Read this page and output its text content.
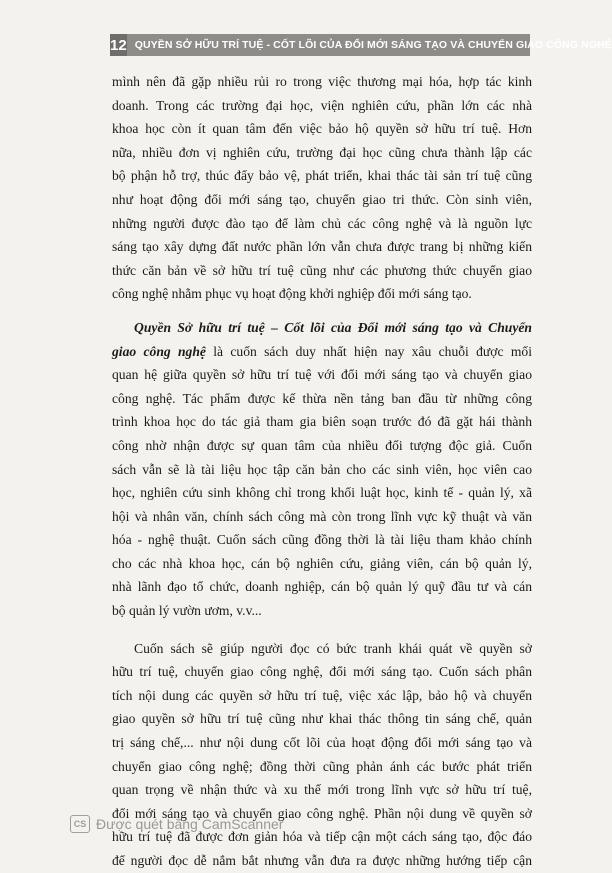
12 QUYỀN SỞ HỮU TRÍ TUỆ - CỐT LÕI CỦA ĐỔI MỚI SÁNG TẠO VÀ CHUYỂN GIAO CÔNG NGHỆ
mình nên đã gặp nhiều rủi ro trong việc thương mại hóa, hợp tác kinh
doanh. Trong các trường đại học, viện nghiên cứu, phần lớn các nhà
khoa học còn ít quan tâm đến việc bảo hộ quyền sở hữu trí tuệ. Hơn
nữa, nhiều đơn vị nghiên cứu, trường đại học cũng chưa thành lập các
bộ phận hỗ trợ, thúc đẩy bảo vệ, phát triển, khai thác tài sản trí tuệ cũng
như hoạt động đổi mới sáng tạo, chuyển giao tri thức. Còn sinh viên,
những người được đào tạo để làm chủ các công nghệ và là nguồn lực
sáng tạo xây dựng đất nước phần lớn vẫn chưa được trang bị những kiến
thức căn bản về sở hữu trí tuệ cũng như các phương thức chuyển giao
công nghệ nhằm phục vụ hoạt động khởi nghiệp đổi mới sáng tạo.
Quyền Sở hữu trí tuệ – Cốt lõi của Đổi mới sáng tạo và Chuyển
giao công nghệ là cuốn sách duy nhất hiện nay xâu chuỗi được mối
quan hệ giữa quyền sở hữu trí tuệ với đổi mới sáng tạo và chuyển giao
công nghệ. Tác phẩm được kế thừa nền tảng ban đầu từ những công
trình khoa học do tác giả tham gia biên soạn trước đó đã gặt hái thành
công nhờ nhận được sự quan tâm của nhiều đối tượng độc giả. Cuốn
sách vẫn sẽ là tài liệu học tập căn bản cho các sinh viên, học viên cao
học, nghiên cứu sinh không chỉ trong khối luật học, kinh tế - quản lý, xã
hội và nhân văn, chính sách công mà còn trong lĩnh vực kỹ thuật và văn
hóa - nghệ thuật. Cuốn sách cũng đồng thời là tài liệu tham khảo chính
cho các nhà khoa học, cán bộ nghiên cứu, giảng viên, cán bộ quản lý,
nhà lãnh đạo tổ chức, doanh nghiệp, cán bộ quản lý quỹ đầu tư và cán
bộ quản lý vườn ươm, v.v...
Cuốn sách sẽ giúp người đọc có bức tranh khái quát về quyền sở
hữu trí tuệ, chuyển giao công nghệ, đổi mới sáng tạo. Cuốn sách phân
tích nội dung các quyền sở hữu trí tuệ, việc xác lập, bảo hộ và chuyển
giao quyền sở hữu trí tuệ cũng như khai thác thông tin sáng chế, quản
trị sáng chế,... như nội dung cốt lõi của hoạt động đổi mới sáng tạo và
chuyển giao công nghệ; đồng thời cũng phản ánh các bước phát triển
quan trọng về nhận thức và xu thế mới trong lĩnh vực sở hữu trí tuệ,
đổi mới sáng tạo và chuyển giao công nghệ. Phần nội dung về quyền sở
hữu trí tuệ đã được đơn giản hóa và tiếp cận một cách sáng tạo, độc đáo
để người đọc dễ nắm bắt nhưng vẫn đưa ra được những hướng tiếp cận
CS Được quét bằng CamScanner
